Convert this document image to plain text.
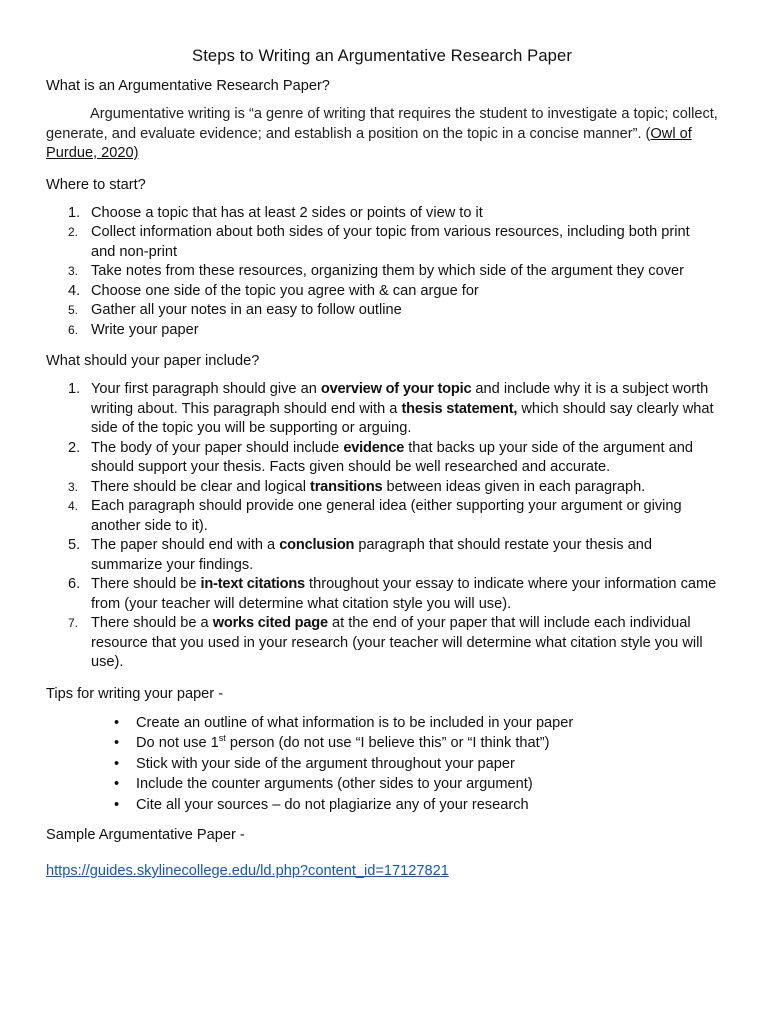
Steps to Writing an Argumentative Research Paper
What is an Argumentative Research Paper?
Argumentative writing is “a genre of writing that requires the student to investigate a topic; collect, generate, and evaluate evidence; and establish a position on the topic in a concise manner”. (Owl of Purdue, 2020)
Where to start?
1. Choose a topic that has at least 2 sides or points of view to it
2. Collect information about both sides of your topic from various resources, including both print and non-print
3. Take notes from these resources, organizing them by which side of the argument they cover
4. Choose one side of the topic you agree with & can argue for
5. Gather all your notes in an easy to follow outline
6. Write your paper
What should your paper include?
1. Your first paragraph should give an overview of your topic and include why it is a subject worth writing about. This paragraph should end with a thesis statement, which should say clearly what side of the topic you will be supporting or arguing.
2. The body of your paper should include evidence that backs up your side of the argument and should support your thesis. Facts given should be well researched and accurate.
3. There should be clear and logical transitions between ideas given in each paragraph.
4. Each paragraph should provide one general idea (either supporting your argument or giving another side to it).
5. The paper should end with a conclusion paragraph that should restate your thesis and summarize your findings.
6. There should be in-text citations throughout your essay to indicate where your information came from (your teacher will determine what citation style you will use).
7. There should be a works cited page at the end of your paper that will include each individual resource that you used in your research (your teacher will determine what citation style you will use).
Tips for writing your paper -
• Create an outline of what information is to be included in your paper
• Do not use 1st person (do not use “I believe this” or “I think that”)
• Stick with your side of the argument throughout your paper
• Include the counter arguments (other sides to your argument)
• Cite all your sources – do not plagiarize any of your research
Sample Argumentative Paper -
https://guides.skylinecollege.edu/ld.php?content_id=17127821
